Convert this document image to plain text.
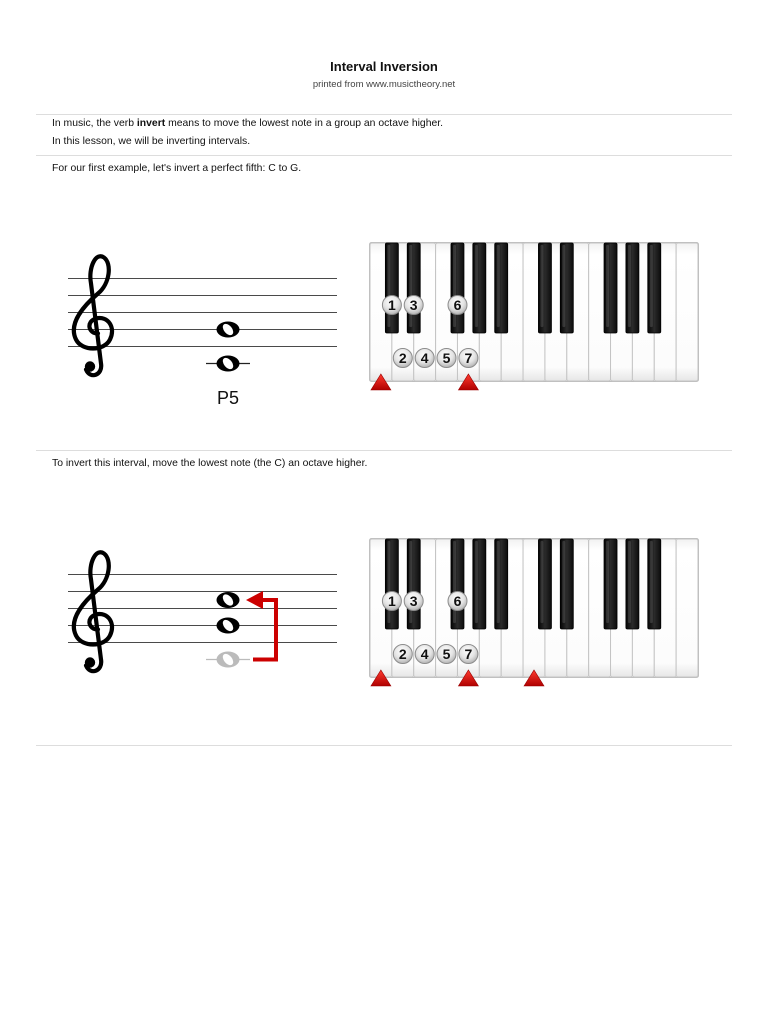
Interval Inversion
printed from www.musictheory.net
In music, the verb invert means to move the lowest note in a group an octave higher.
In this lesson, we will be inverting intervals.
For our first example, let's invert a perfect fifth: C to G.
To invert this interval, move the lowest note (the C) an octave higher.
P5
1 3	6
2 4 5 7
1 3	6
2 4 5 7
